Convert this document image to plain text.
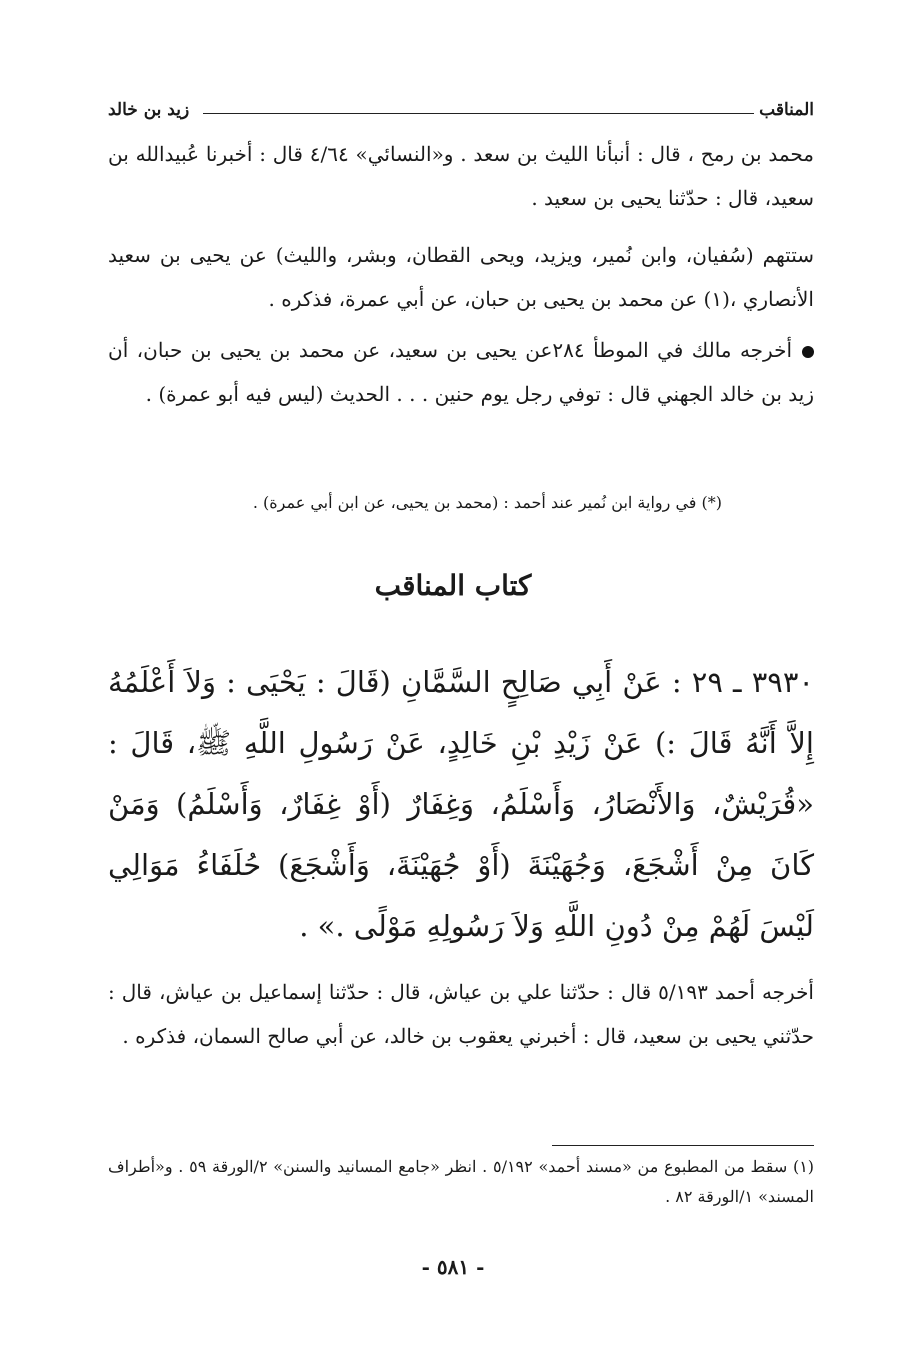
المناقب
زيد بن خالد
محمد بن رمح ، قال : أنبأنا الليث بن سعد . و«النسائي» ٤/٦٤ قال : أخبرنا عُبيدالله بن سعيد، قال : حدّثنا يحيى بن سعيد .
ستتهم (سُفيان، وابن نُمير، ويزيد، ويحى القطان، وبشر، والليث) عن يحيى بن سعيد الأنصاري ،(١) عن محمد بن يحيى بن حبان، عن أبي عمرة، فذكره .
أخرجه مالك في الموطأ ٢٨٤عن يحيى بن سعيد، عن محمد بن يحيى بن حبان، أن زيد بن خالد الجهني قال : توفي رجل يوم حنين . . . الحديث (ليس فيه أبو عمرة) .
(*) في رواية ابن نُمير عند أحمد : (محمد بن يحيى، عن ابن أبي عمرة) .
كتاب المناقب
٣٩٣٠ ـ ٢٩ : عَنْ أَبِي صَالِحٍ السَّمَّانِ (قَالَ : يَحْيَى : وَلاَ أَعْلَمُهُ إِلاَّ أَنَّهُ قَالَ :) عَنْ زَيْدِ بْنِ خَالِدٍ، عَنْ رَسُولِ اللَّهِ ﷺ، قَالَ : «قُرَيْشٌ، وَالأَنْصَارُ، وَأَسْلَمُ، وَغِفَارٌ (أَوْ غِفَارٌ، وَأَسْلَمُ) وَمَنْ كَانَ مِنْ أَشْجَعَ، وَجُهَيْنَةَ (أَوْ جُهَيْنَةَ، وَأَشْجَعَ) حُلَفَاءُ مَوَالِي لَيْسَ لَهُمْ مِنْ دُونِ اللَّهِ وَلاَ رَسُولِهِ مَوْلًى .» .
أخرجه أحمد ٥/١٩٣ قال : حدّثنا علي بن عياش، قال : حدّثنا إسماعيل بن عياش، قال : حدّثني يحيى بن سعيد، قال : أخبرني يعقوب بن خالد، عن أبي صالح السمان، فذكره .
(١) سقط من المطبوع من «مسند أحمد» ٥/١٩٢ . انظر «جامع المسانيد والسنن» ٢/الورقة ٥٩ . و«أطراف المسند» ١/الورقة ٨٢ .
- ٥٨١ -
